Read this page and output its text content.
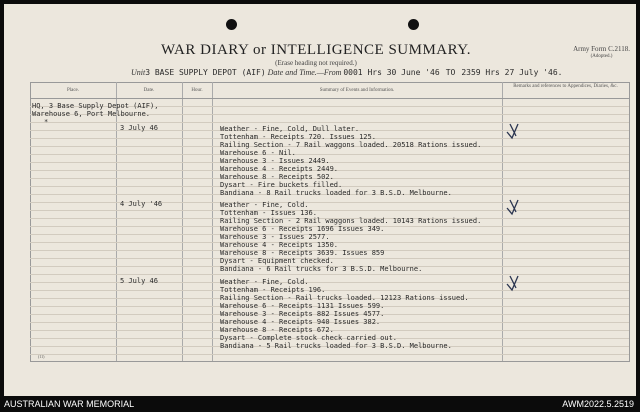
WAR DIARY or INTELLIGENCE SUMMARY.
(Erase heading not required.)
Army Form C.2118.
(Adopted.)
Unit3 BASE SUPPLY DEPOT (AIF) Date and Time.—From 0001 Hrs 30 June '46 TO 2359 Hrs 27 July '46.
Place.	Date.	Hour.	Summary of Events and Information.
Remarks and references to Appendices, Diaries, &c.
HQ, 3 Base Supply Depot (AIF),
Warehouse 6, Port Melbourne.
*
3 July 46	Weather - Fine, Cold, Dull later.
Tottenham - Receipts 720. Issues 125.
Railing Section - 7 Rail waggons loaded. 20518 Rations issued.
Warehouse 6 - Nil.
Warehouse 3 - Issues 2449.
Warehouse 4 - Receipts 2449.
Warehouse 8 - Receipts 502.
Dysart - Fire buckets filled.
Bandiana - 8 Rail trucks loaded for 3 B.S.D. Melbourne.
4 July '46	Weather - Fine, Cold.
Tottenham - Issues 136.
Railing Section - 2 Rail waggons loaded. 10143 Rations issued.
Warehouse 6 - Receipts 1696 Issues 349.
Warehouse 3 - Issues 2577.
Warehouse 4 - Receipts 1350.
Warehouse 8 - Receipts 3639. Issues 859
Dysart - Equipment checked.
Bandiana - 6 Rail trucks for 3 B.S.D. Melbourne.
5 July 46	Weather - Fine, Cold.
Tottenham - Receipts 196.
Railing Section - Rail trucks loaded. 12123 Rations issued.
Warehouse 6 - Receipts 1131 Issues 599.
Warehouse 3 - Receipts 882 Issues 4577.
Warehouse 4 - Receipts 940 Issues 382.
Warehouse 8 - Receipts 672.
Dysart - Complete stock check carried out.
Bandiana - 5 Rail trucks loaded for 3 B.S.D. Melbourne.
(11)
AUSTRALIAN WAR MEMORIAL	AWM2022.5.2519
